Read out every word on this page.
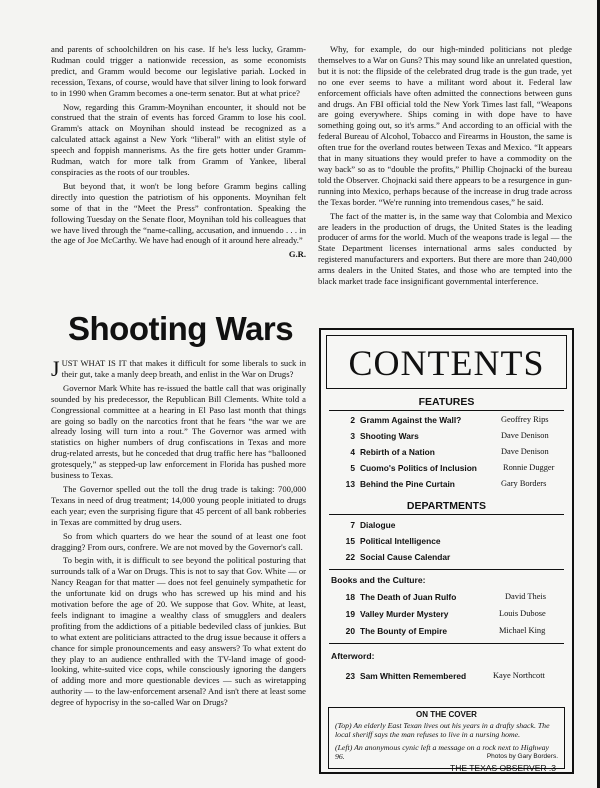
and parents of schoolchildren on his case. If he's less lucky, Gramm-Rudman could trigger a nationwide recession, as some economists predict, and Gramm would become our legislative pariah. Locked in recession, Texans, of course, would have that silver lining to look forward to in 1990 when Gramm becomes a one-term senator. But at what price?

Now, regarding this Gramm-Moynihan encounter, it should not be construed that the strain of events has forced Gramm to lose his cool. Gramm's attack on Moynihan should instead be recognized as a calculated attack against a New York “liberal” with an elitist style of speech and foppish mannerisms. As the fire gets hotter under Gramm-Rudman, watch for more talk from Gramm of Yankee, liberal conspiracies as the roots of our troubles.

But beyond that, it won't be long before Gramm begins calling directly into question the patriotism of his opponents. Moynihan felt some of that in the “Meet the Press” confrontation. Speaking the following Tuesday on the Senate floor, Moynihan told his colleagues that we have lived through the “name-calling, accusation, and innuendo . . . in the age of Joe McCarthy. We have had enough of it around here already.”

G.R.

Why, for example, do our high-minded politicians not pledge themselves to a War on Guns? This may sound like an unrelated question, but it is not: the flipside of the celebrated drug trade is the gun trade, yet no one ever seems to have a militant word about it. Federal law enforcement officials have often admitted the connections between guns and drugs. An FBI official told the New York Times last fall, “Weapons are going everywhere. Ships coming in with dope have to have something going out, so it's arms.” And according to an official with the federal Bureau of Alcohol, Tobacco and Firearms in Houston, the same is often true for the overland routes between Texas and Mexico. “It appears that in many situations they would prefer to have a commodity on the way back” so as to “double the profits,” Phillip Chojnacki of the bureau told the Observer. Chojnacki said there appears to be a resurgence in gun-running into Mexico, perhaps because of the increase in drug trade across the Texas border. “We're running into tremendous cases,” he said.

The fact of the matter is, in the same way that Colombia and Mexico are leaders in the production of drugs, the United States is the leading producer of arms for the world. Much of the weapons trade is legal — the State Department licenses international arms sales conducted by registered manufacturers and exporters. But there are more than 240,000 arms dealers in the United States, and those who are tempted into the black market trade face insignificant governmental interference.

Shooting Wars

JUST WHAT IS IT that makes it difficult for some liberals to suck in their gut, take a manly deep breath, and enlist in the War on Drugs?

Governor Mark White has re-issued the battle call that was originally sounded by his predecessor, the Republican Bill Clements. White told a Congressional committee at a hearing in El Paso last month that things are going so badly on the narcotics front that he fears “the war we are already losing will turn into a rout.” The Governor was armed with statistics on higher numbers of drug confiscations in Texas and more drug-related arrests, but he conceded that drug traffic here has “ballooned grotesquely,” as stepped-up law enforcement in Florida has pushed more business to Texas.

The Governor spelled out the toll the drug trade is taking: 700,000 Texans in need of drug treatment; 14,000 young people initiated to drugs each year; even the surprising figure that 45 percent of all bank robberies in Texas are committed by drug users.

So from which quarters do we hear the sound of at least one foot dragging? From ours, confrere. We are not moved by the Governor's call.

To begin with, it is difficult to see beyond the political posturing that surrounds talk of a War on Drugs. This is not to say that Gov. White — or Nancy Reagan for that matter — does not feel genuinely sympathetic for the unfortunate kid on drugs who has screwed up his mind and his motivation before the age of 20. We suppose that Gov. White, at least, feels indignant to imagine a wealthy class of smugglers and dealers profiting from the addictions of a pitiable bedeviled class of junkies. But to what extent are politicians attracted to the drug issue because it offers a chance for simple pronouncements and easy answers? To what extent do they play to an audience enthralled with the TV-land image of good-looking, white-suited vice cops, while consciously ignoring the dangers of adding more and more questionable devices — such as wiretapping authority — to the law-enforcement arsenal? And isn't there at least some degree of hypocrisy in the so-called War on Drugs?

CONTENTS
FEATURES
2 Gramm Against the Wall?	Geoffrey Rips
3 Shooting Wars	Dave Denison
4 Rebirth of a Nation	Dave Denison
5 Cuomo's Politics of Inclusion	Ronnie Dugger
13 Behind the Pine Curtain	Gary Borders
DEPARTMENTS
7 Dialogue
15 Political Intelligence
22 Social Cause Calendar
Books and the Culture:
18 The Death of Juan Rulfo	David Theis
19 Valley Murder Mystery	Louis Dubose
20 The Bounty of Empire	Michael King
Afterword:
23 Sam Whitten Remembered	Kaye Northcott
ON THE COVER

(Top) An elderly East Texan lives out his years in a drafty shack. The local sheriff says the man refuses to live in a nursing home.

(Left) An anonymous cynic left a message on a rock next to Highway 96.	Photos by Gary Borders.

THE TEXAS OBSERVER .3
